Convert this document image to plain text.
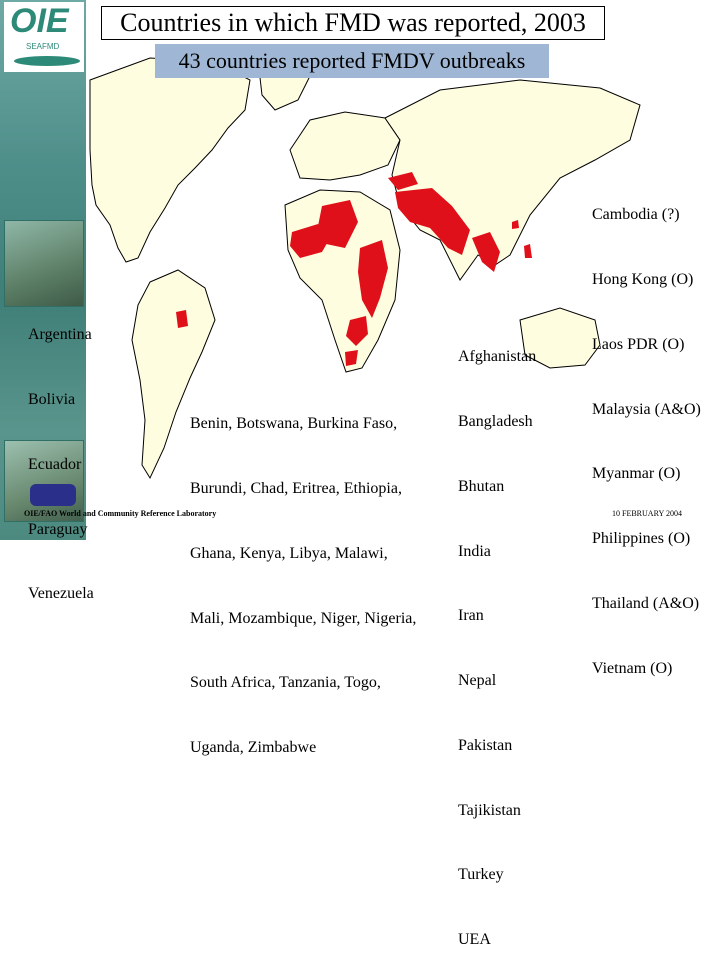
OIE
SEAFMD
Countries in which FMD was reported, 2003
43 countries reported FMDV outbreaks

Argentina

Bolivia

Ecuador

Paraguay

Venezuela

Benin, Botswana, Burkina Faso,

Burundi, Chad, Eritrea, Ethiopia,

Ghana, Kenya, Libya, Malawi,

Mali, Mozambique, Niger, Nigeria,

South Africa, Tanzania, Togo,

Uganda, Zimbabwe

Afghanistan

Bangladesh

Bhutan

India

Iran

Nepal

Pakistan

Tajikistan

Turkey

UEA

Cambodia (?)

Hong Kong (O)

Laos PDR (O)

Malaysia (A&O)

Myanmar (O)

Philippines (O)

Thailand (A&O)

Vietnam (O)

OIE/FAO World and Community Reference Laboratory	10 FEBRUARY 2004
